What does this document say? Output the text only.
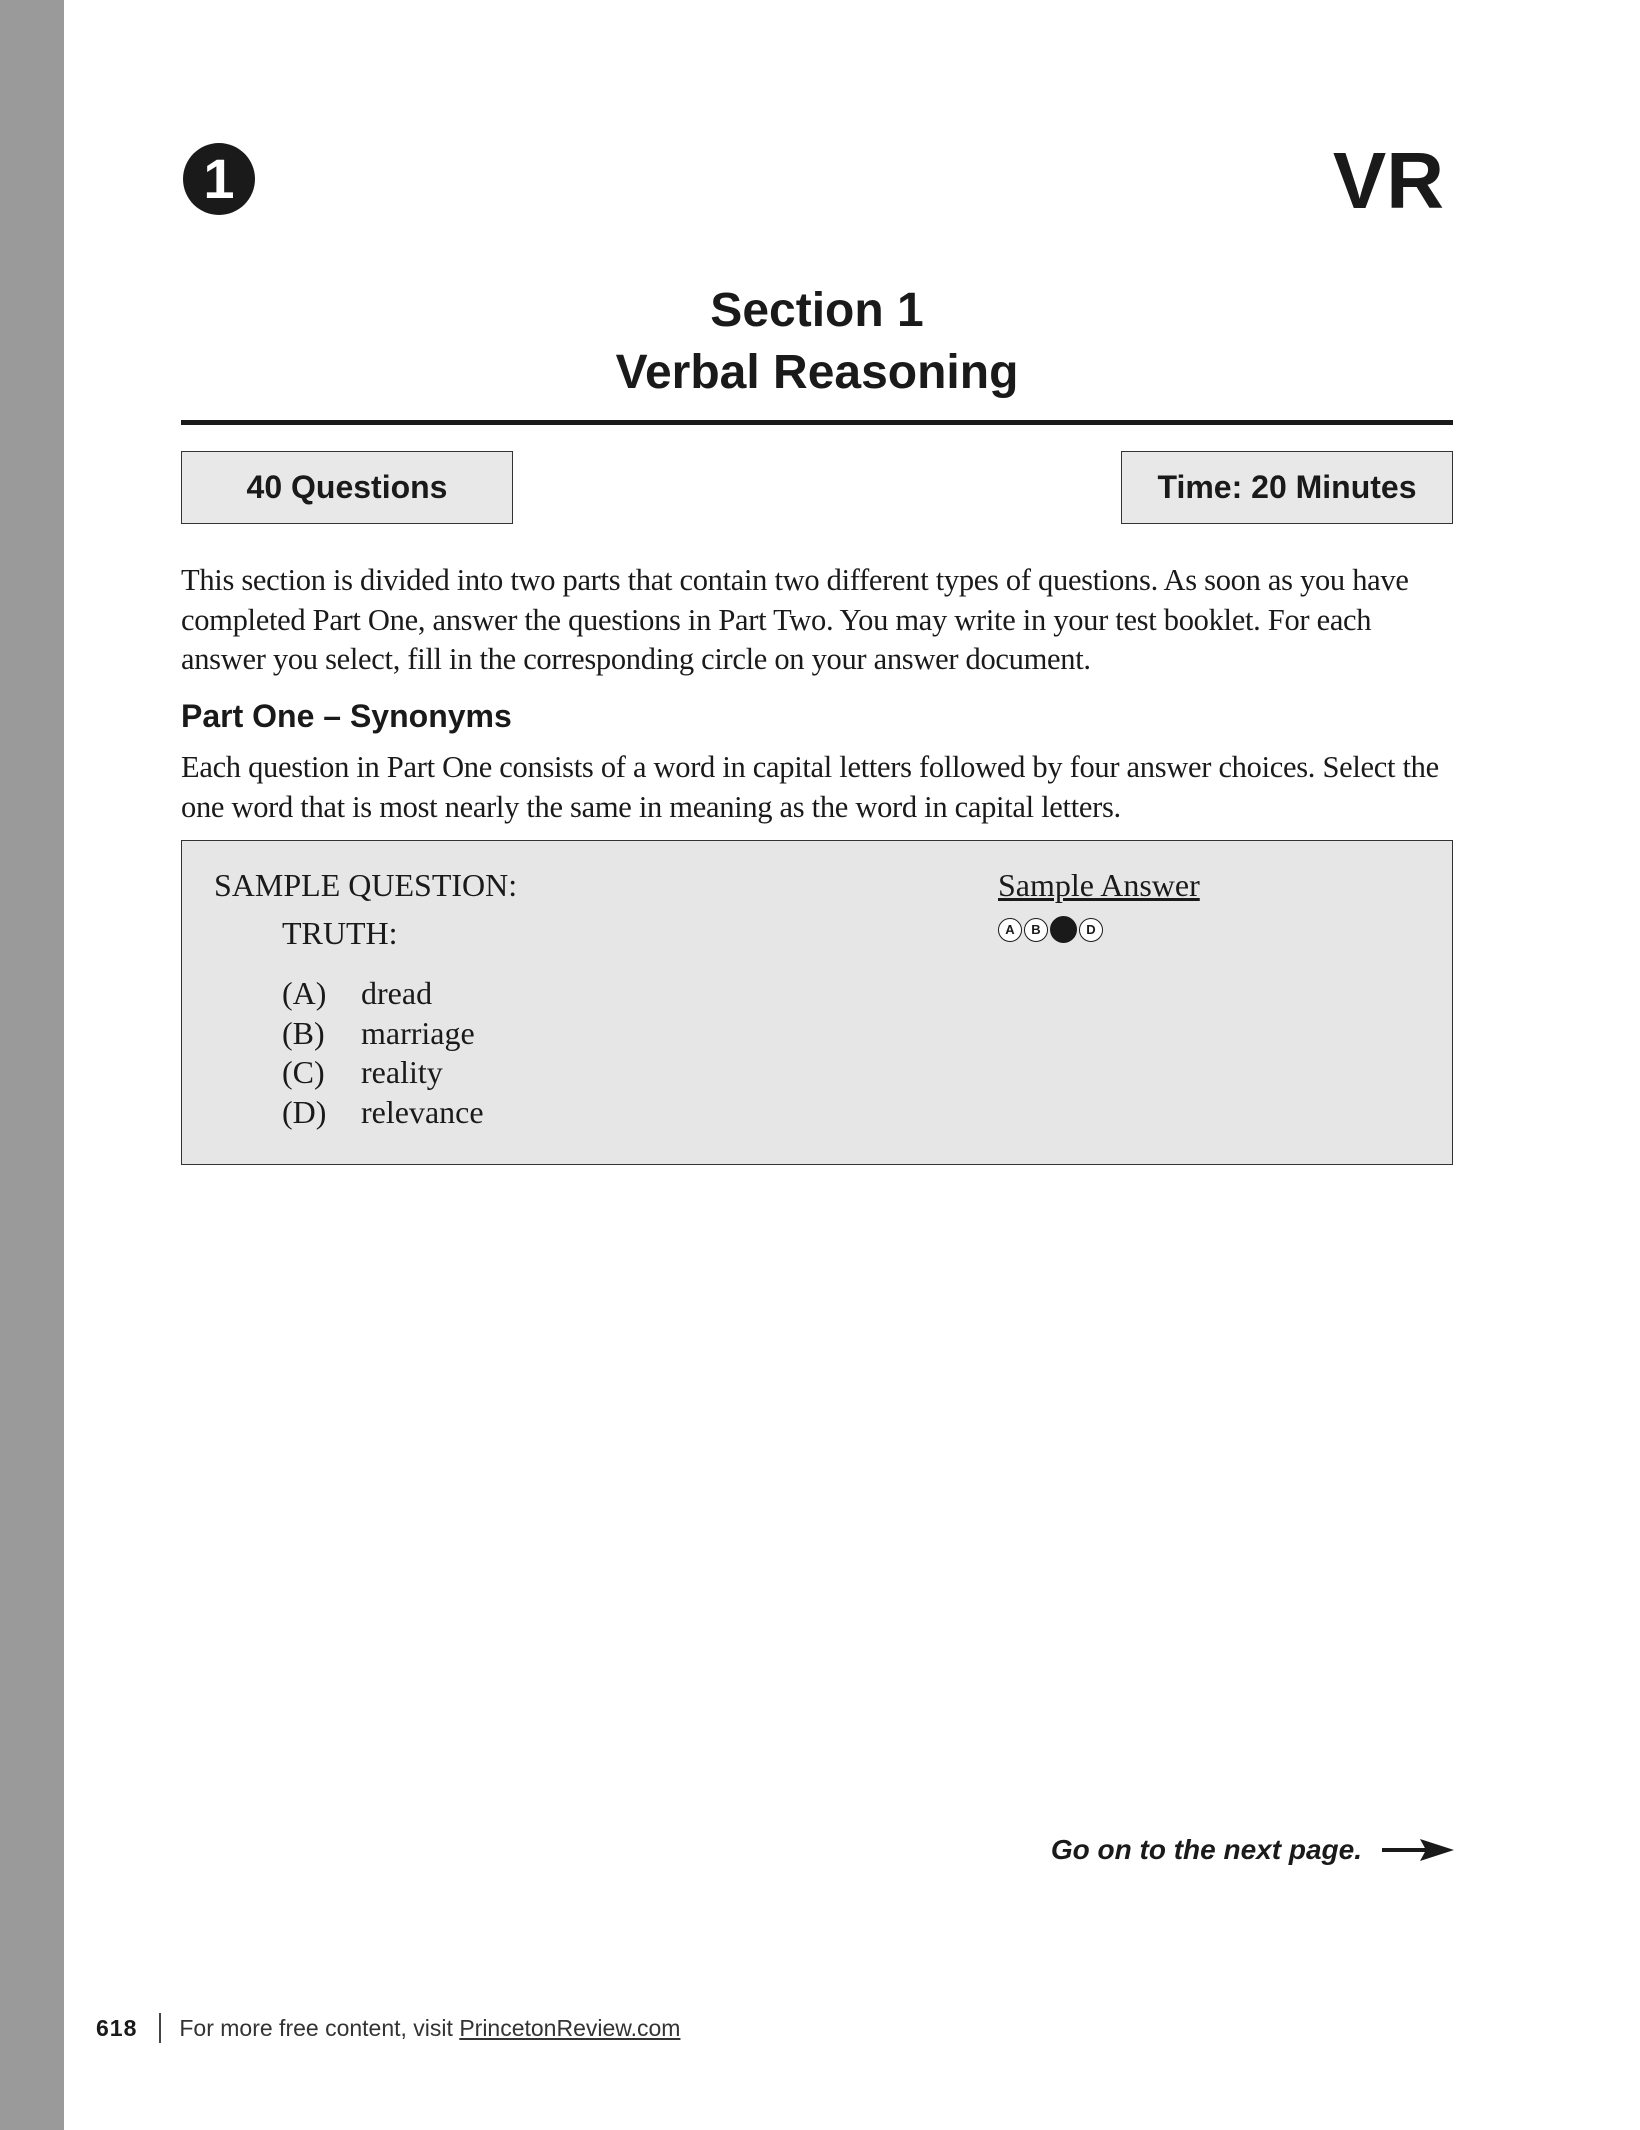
1	VR
Section 1
Verbal Reasoning
40 Questions	Time: 20 Minutes

This section is divided into two parts that contain two different types of questions. As soon as you have completed Part One, answer the questions in Part Two. You may write in your test booklet. For each answer you select, fill in the corresponding circle on your answer document.

Part One – Synonyms

Each question in Part One consists of a word in capital letters followed by four answer choices. Select the one word that is most nearly the same in meaning as the word in capital letters.

SAMPLE QUESTION:
TRUTH:
(A)	dread
(B)	marriage
(C)	reality
(D)	relevance
Sample Answer
A	B	D
Go on to the next page.
618 For more free content, visit PrincetonReview.com
